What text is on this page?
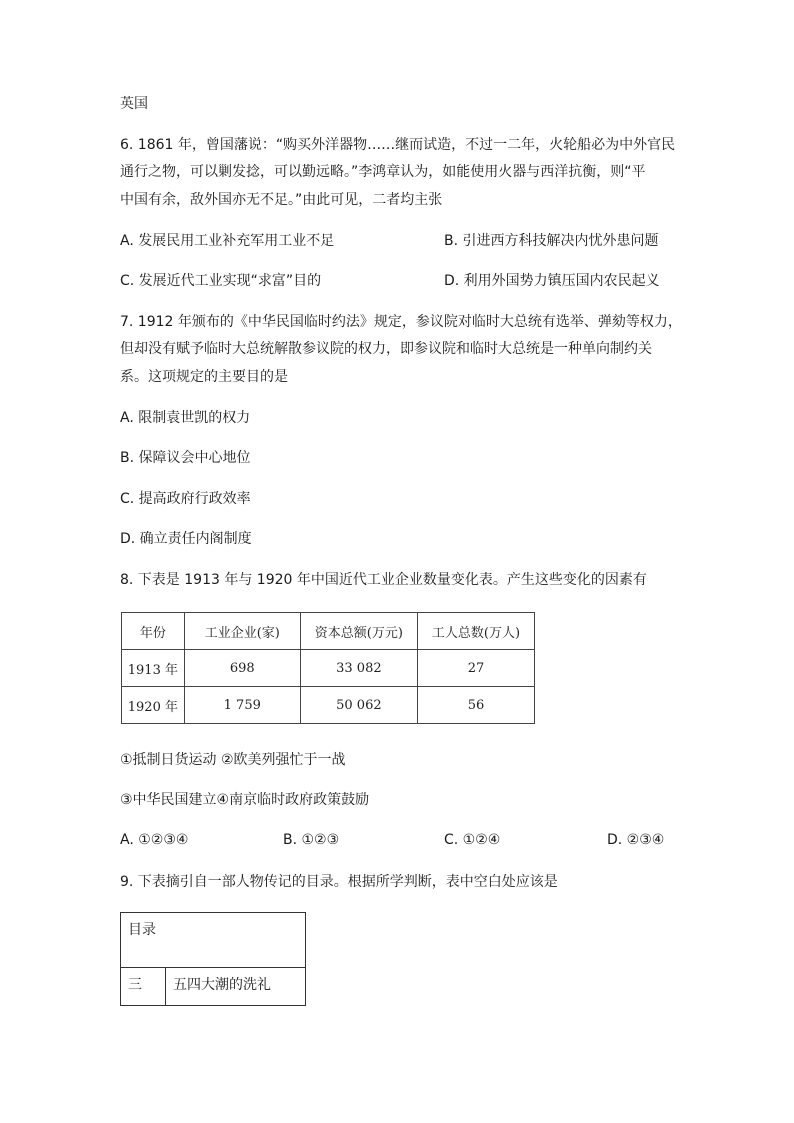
英国
6. 1861 年，曾国藩说：“购买外洋器物……继而试造，不过一二年，火轮船必为中外官民
通行之物，可以剿发捻，可以勤远略。”李鸿章认为，如能使用火器与西洋抗衡，则“平
中国有余，敌外国亦无不足。”由此可见，二者均主张
A. 发展民用工业补充军用工业不足	B. 引进西方科技解决内忧外患问题
C. 发展近代工业实现“求富”目的	D. 利用外国势力镇压国内农民起义
7. 1912 年颁布的《中华民国临时约法》规定，参议院对临时大总统有选举、弹劾等权力，
但却没有赋予临时大总统解散参议院的权力，即参议院和临时大总统是一种单向制约关
系。这项规定的主要目的是
A. 限制袁世凯的权力
B. 保障议会中心地位
C. 提高政府行政效率
D. 确立责任内阁制度
8. 下表是 1913 年与 1920 年中国近代工业企业数量变化表。产生这些变化的因素有
年份	工业企业(家)	资本总额(万元)	工人总数(万人)
1913 年	698	33 082	27
1920 年	1 759	50 062	56
①抵制日货运动 ②欧美列强忙于一战
③中华民国建立④南京临时政府政策鼓励
A. ①②③④	B. ①②③	C. ①②④	D. ②③④
9. 下表摘引自一部人物传记的目录。根据所学判断，表中空白处应该是
目录
三	五四大潮的洗礼
